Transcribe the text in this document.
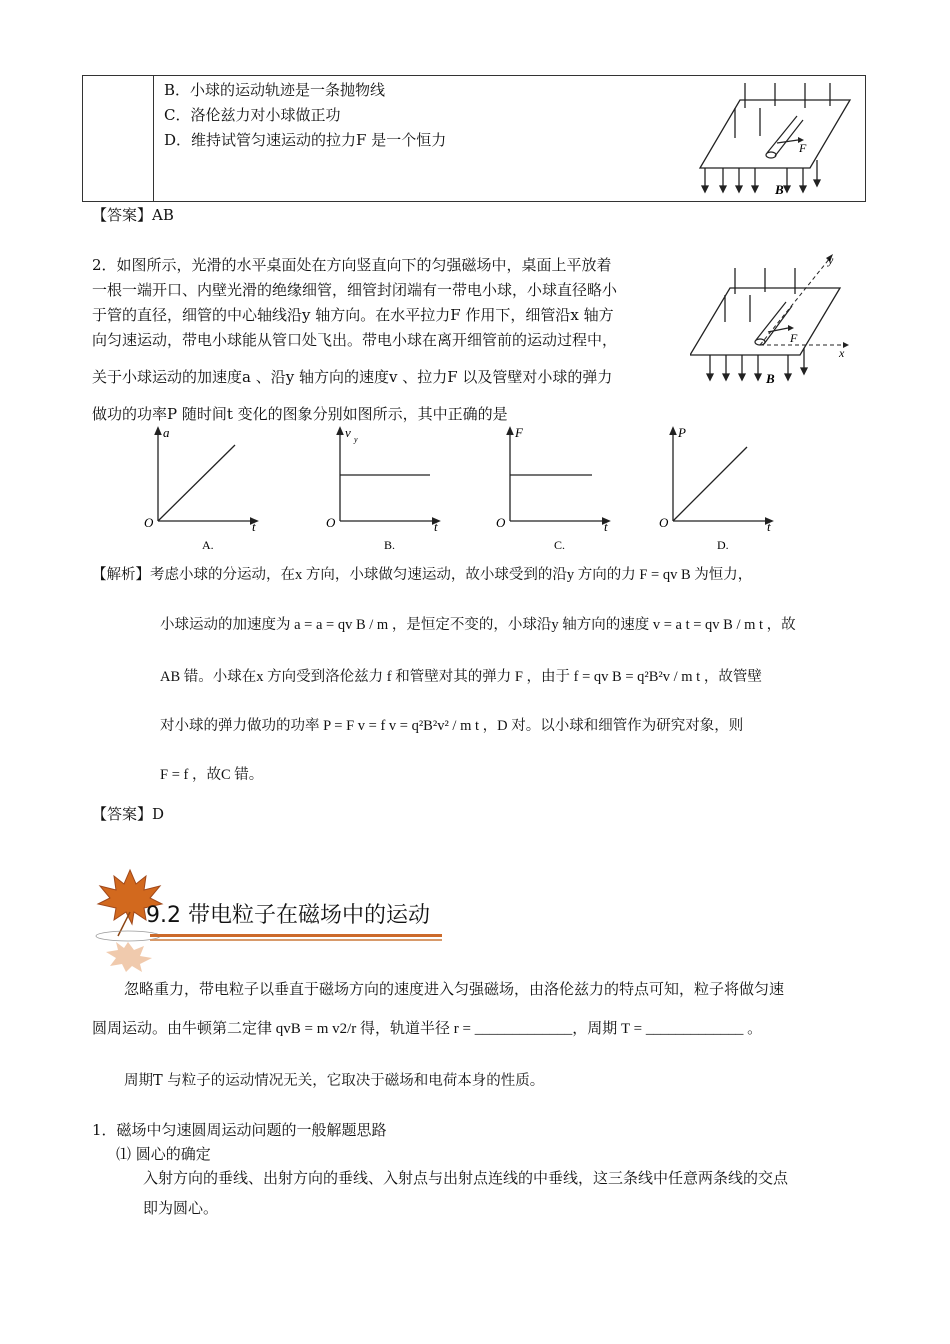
B．小球的运动轨迹是一条抛物线
C．洛伦兹力对小球做正功
D．维持试管匀速运动的拉力F 是一个恒力	F
B
【答案】AB
2．如图所示，光滑的水平桌面处在方向竖直向下的匀强磁场中，桌面上平放着
一根一端开口、内壁光滑的绝缘细管，细管封闭端有一带电小球，小球直径略小
于管的直径，细管的中心轴线沿y 轴方向。在水平拉力F 作用下，细管沿x 轴方
向匀速运动，带电小球能从管口处飞出。带电小球在离开细管前的运动过程中，
关于小球运动的加速度a 、沿y 轴方向的速度v 、拉力F 以及管壁对小球的弹力
做功的功率P 随时间t 变化的图象分别如图所示，其中正确的是
y
x
F
B
a
O	t
A.
v y
O	t
B.
F
O	t
C.
P
O	t
D.
【解析】考虑小球的分运动，在x 方向，小球做匀速运动，故小球受到的沿y 方向的力 F = qv B 为恒力，
小球运动的加速度为 a = a = qv B / m ，是恒定不变的，小球沿y 轴方向的速度 v = a t = qv B / m t ，故
AB 错。小球在x 方向受到洛伦兹力 f 和管壁对其的弹力 F ，由于 f = qv B = q²B²v / m t ，故管壁
对小球的弹力做功的功率 P = F v = f v = q²B²v² / m t ，D 对。以小球和细管作为研究对象，则
F = f ，故C 错。
【答案】D
9.2 带电粒子在磁场中的运动
忽略重力，带电粒子以垂直于磁场方向的速度进入匀强磁场，由洛伦兹力的特点可知，粒子将做匀速
圆周运动。由牛顿第二定律 qvB = m v2/r 得，轨道半径 r = _____________，周期 T = _____________ 。
周期T 与粒子的运动情况无关，它取决于磁场和电荷本身的性质。
1．磁场中匀速圆周运动问题的一般解题思路
⑴ 圆心的确定
入射方向的垂线、出射方向的垂线、入射点与出射点连线的中垂线，这三条线中任意两条线的交点
即为圆心。
